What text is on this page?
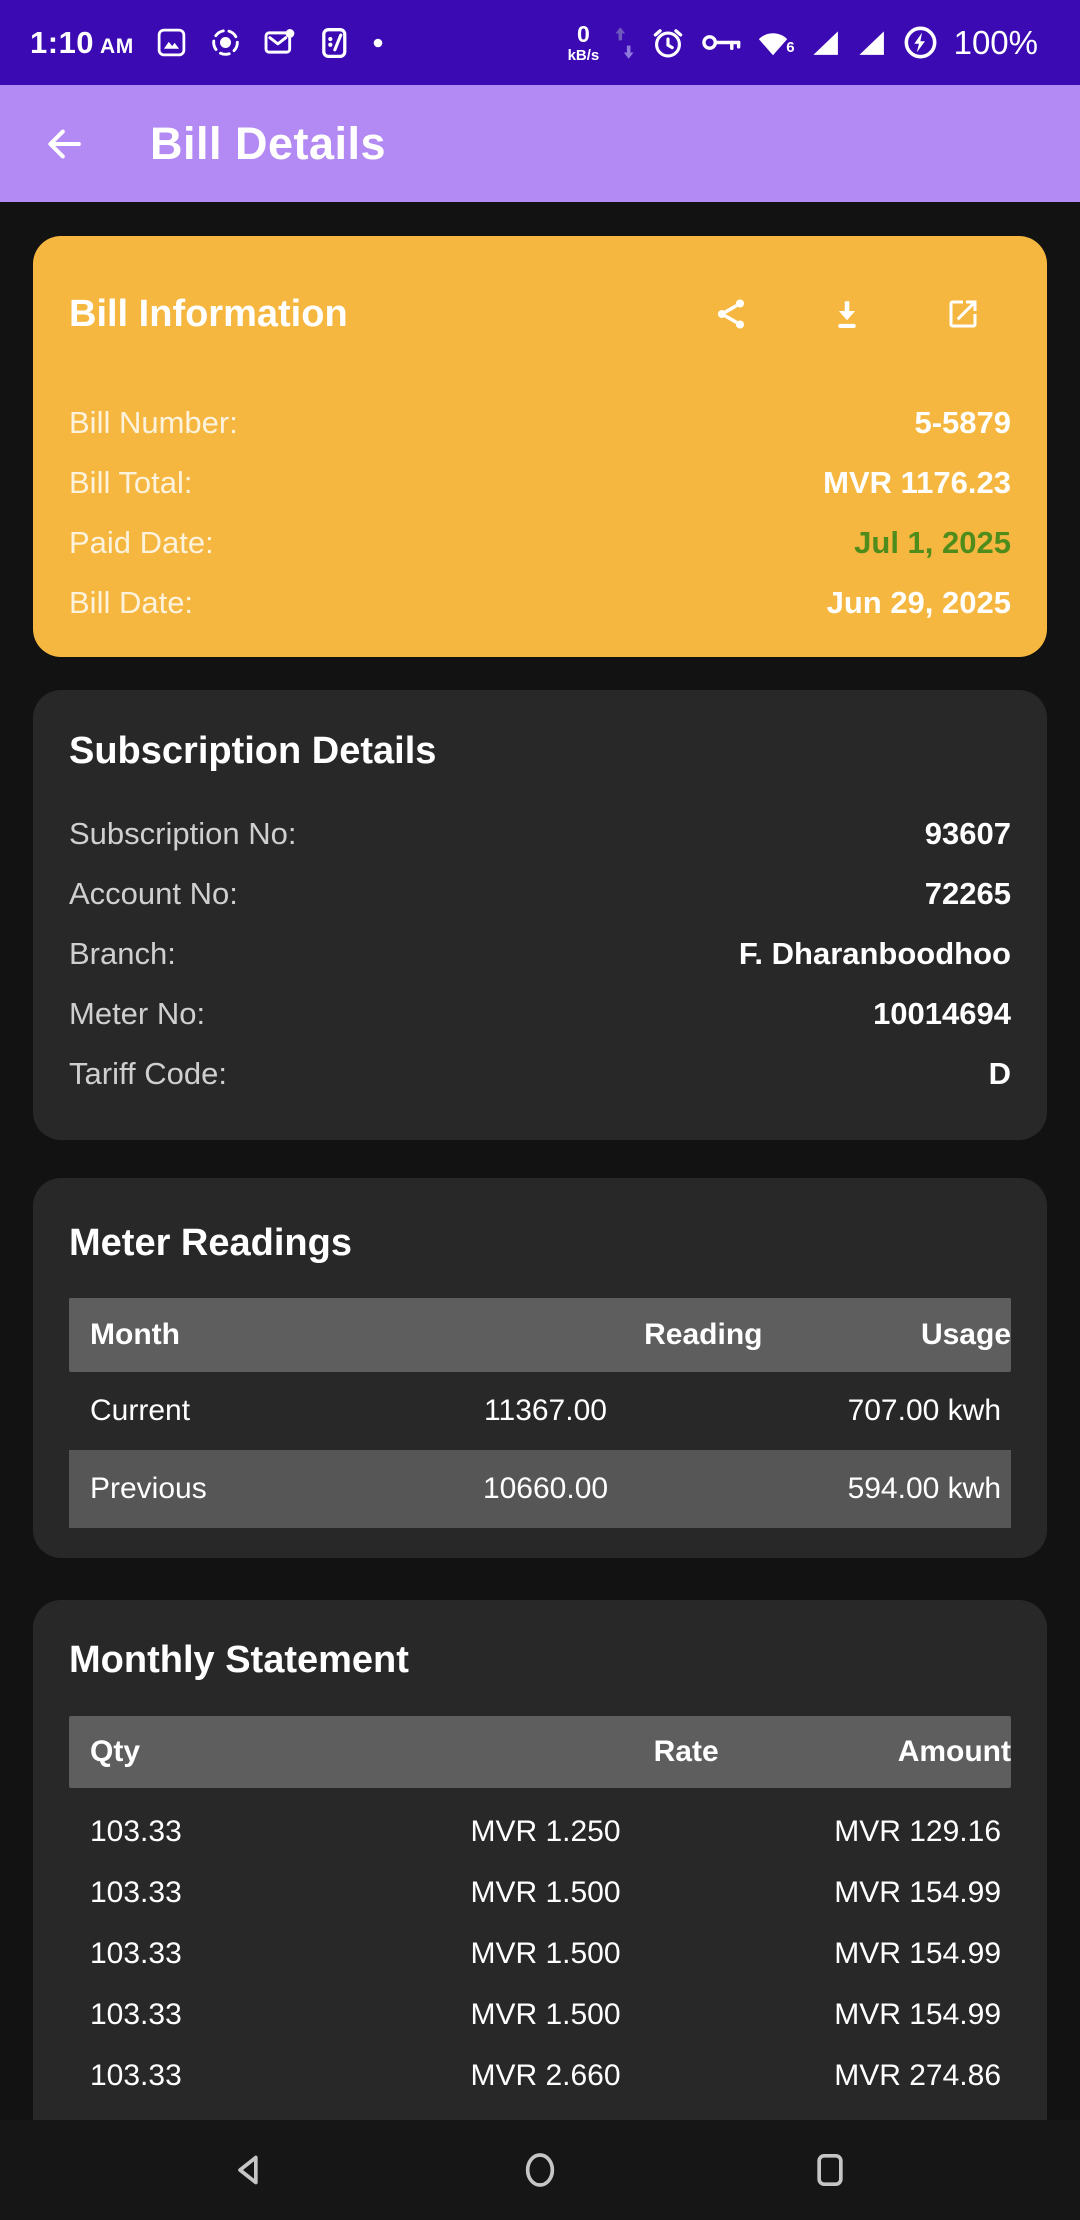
1:10 AM	0
kB/s	6	100%
Bill Details
Bill Information
Bill Number:	5-5879
Bill Total:	MVR 1176.23
Paid Date:	Jul 1, 2025
Bill Date:	Jun 29, 2025
Subscription Details
Subscription No:	93607
Account No:	72265
Branch:	F. Dharanboodhoo
Meter No:	10014694
Tariff Code:	D
Meter Readings
Month	Reading	Usage
Current	11367.00	707.00 kwh
Previous	10660.00	594.00 kwh
Monthly Statement
Qty	Rate	Amount
103.33	MVR 1.250	MVR 129.16
103.33	MVR 1.500	MVR 154.99
103.33	MVR 1.500	MVR 154.99
103.33	MVR 1.500	MVR 154.99
103.33	MVR 2.660	MVR 274.86
